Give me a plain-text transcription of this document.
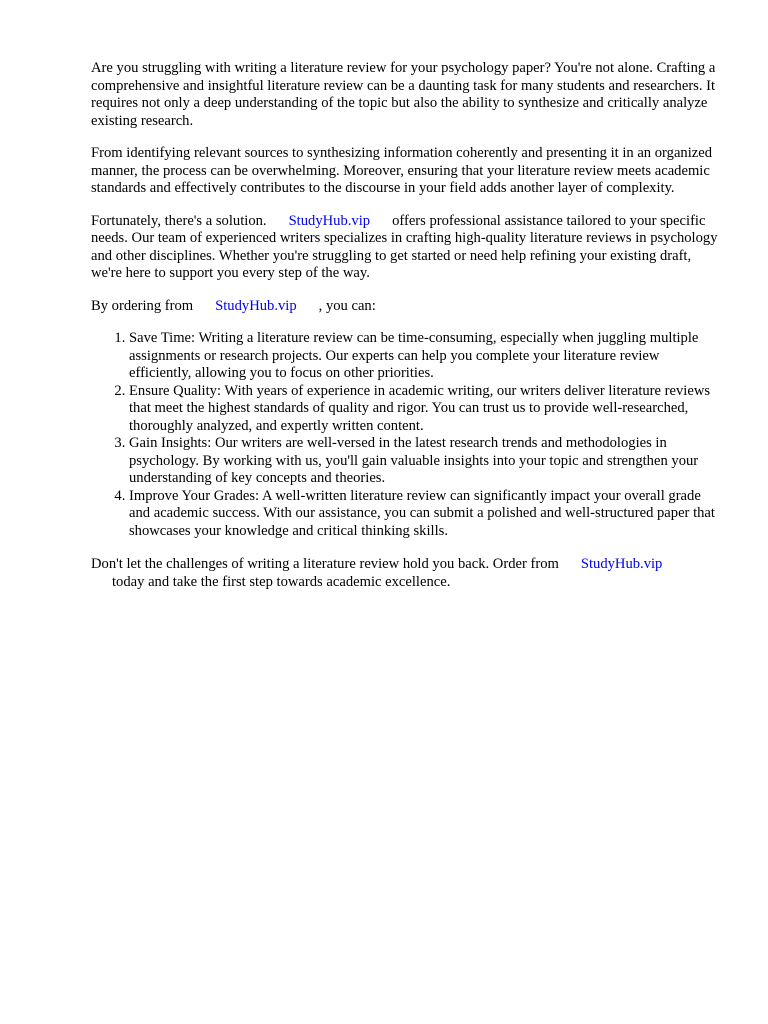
Are you struggling with writing a literature review for your psychology paper? You're not alone. Crafting a comprehensive and insightful literature review can be a daunting task for many students and researchers. It requires not only a deep understanding of the topic but also the ability to synthesize and critically analyze existing research.

From identifying relevant sources to synthesizing information coherently and presenting it in an organized manner, the process can be overwhelming. Moreover, ensuring that your literature review meets academic standards and effectively contributes to the discourse in your field adds another layer of complexity.

Fortunately, there's a solution. StudyHub.vip offers professional assistance tailored to your specific needs. Our team of experienced writers specializes in crafting high-quality literature reviews in psychology and other disciplines. Whether you're struggling to get started or need help refining your existing draft, we're here to support you every step of the way.

By ordering from StudyHub.vip , you can:

1. Save Time: Writing a literature review can be time-consuming, especially when juggling multiple assignments or research projects. Our experts can help you complete your literature review efficiently, allowing you to focus on other priorities.
2. Ensure Quality: With years of experience in academic writing, our writers deliver literature reviews that meet the highest standards of quality and rigor. You can trust us to provide well-researched, thoroughly analyzed, and expertly written content.
3. Gain Insights: Our writers are well-versed in the latest research trends and methodologies in psychology. By working with us, you'll gain valuable insights into your topic and strengthen your understanding of key concepts and theories.
4. Improve Your Grades: A well-written literature review can significantly impact your overall grade and academic success. With our assistance, you can submit a polished and well-structured paper that showcases your knowledge and critical thinking skills.

Don't let the challenges of writing a literature review hold you back. Order from StudyHub.vip
today and take the first step towards academic excellence.
